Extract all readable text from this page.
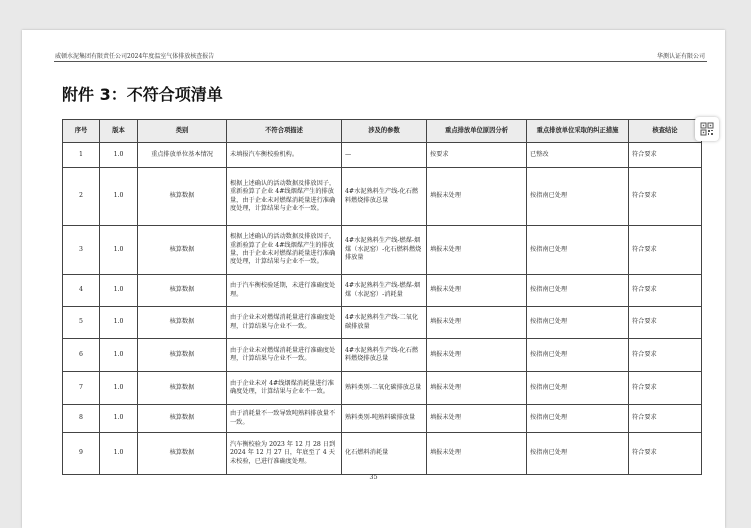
威顿水泥集团有限责任公司2024年度温室气体排放核查报告	华测认证有限公司
附件 3：不符合项清单
序号	版本	类别	不符合项描述	涉及的参数	重点排放单位原因分析	重点排放单位采取的纠正措施	核查结论
1	1.0	重点排放单位基本情况	未填报汽车衡校验机构。	—	按要求	已整改	符合要求
2	1.0	核算数据	根据上述确认的活动数据及排放因子，重新验算了企业 4#线烟煤产生的排放量，由于企业未对燃煤消耗量进行准确度处理，计算结果与企业不一致。	4#水泥熟料生产线-化石燃料燃烧排放总量	填报未处理	按指南已处理	符合要求
3	1.0	核算数据	根据上述确认的活动数据及排放因子，重新验算了企业 4#线烟煤产生的排放量，由于企业未对燃煤消耗量进行准确度处理，计算结果与企业不一致。	4#水泥熟料生产线-燃煤-烟煤（水泥窑）-化石燃料燃烧排放量	填报未处理	按指南已处理	符合要求
4	1.0	核算数据	由于汽车衡校验延期，未进行准确度处理。	4#水泥熟料生产线-燃煤-烟煤（水泥窑）-消耗量	填报未处理	按指南已处理	符合要求
5	1.0	核算数据	由于企业未对燃煤消耗量进行准确度处理，计算结果与企业不一致。	4#水泥熟料生产线-二氧化碳排放量	填报未处理	按指南已处理	符合要求
6	1.0	核算数据	由于企业未对燃煤消耗量进行准确度处理，计算结果与企业不一致。	4#水泥熟料生产线-化石燃料燃烧排放总量	填报未处理	按指南已处理	符合要求
7	1.0	核算数据	由于企业未对 4#线烟煤消耗量进行准确度处理，计算结果与企业不一致。	熟料类别-二氧化碳排放总量	填报未处理	按指南已处理	符合要求
8	1.0	核算数据	由于消耗量不一致导致吨熟料排放量不一致。	熟料类别-吨熟料碳排放量	填报未处理	按指南已处理	符合要求
9	1.0	核算数据	汽车衡校验为 2023 年 12 月 28 日到 2024 年 12 月 27 日，年底至了 4 天未校验，已进行准确度处理。	化石燃料消耗量	填报未处理	按指南已处理	符合要求
35
